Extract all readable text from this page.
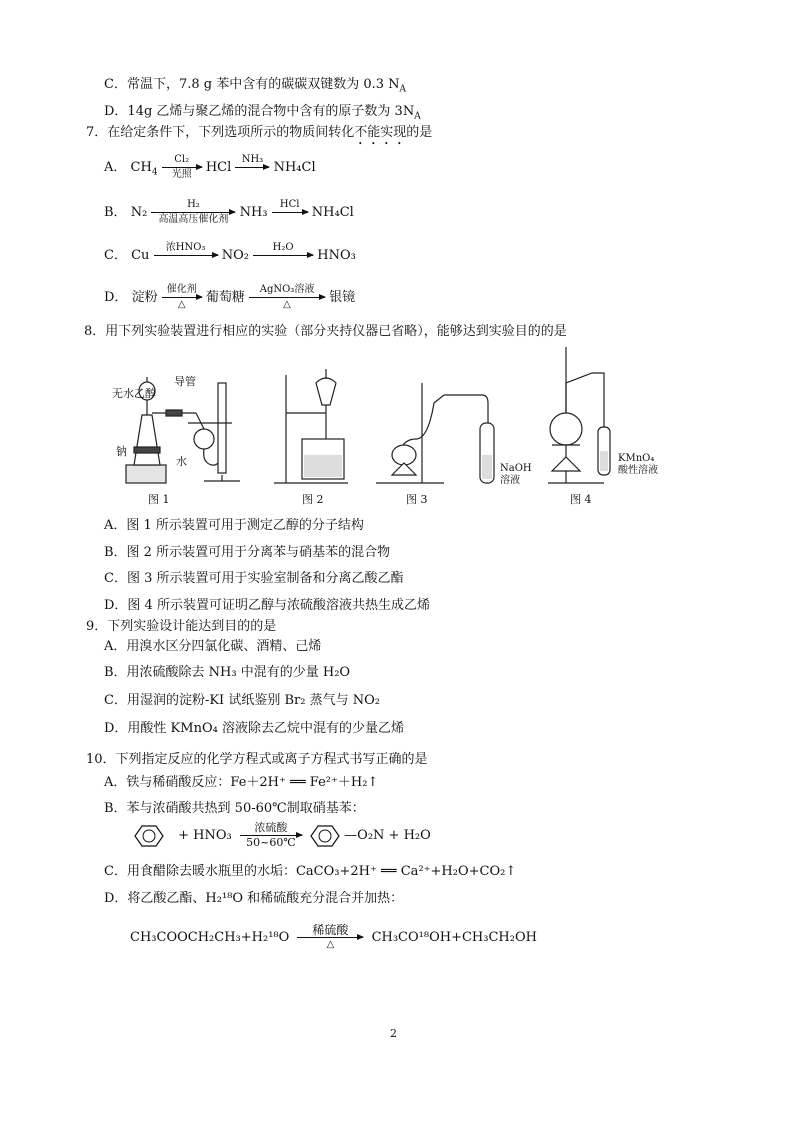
C．常温下，7.8 g 苯中含有的碳碳双键数为 0.3 $N_A$
D．14g 乙烯与聚乙烯的混合物中含有的原子数为 $3N_A$
7．在给定条件下，下列选项所示的物质间转化不能实现的是
A． $CH_4$
Cl₂
光照	HCl
NH₃

NH₄Cl
B． N₂
H₂
高温高压催化剂 NH₃
HCl

NH₄Cl
C． Cu
浓HNO₃

NO₂
H₂O

HNO₃
D． 淀粉
催化剂
△	葡萄糖
AgNO₃溶液
△	银镜
8．用下列实验装置进行相应的实验（部分夹持仪器已省略），能够达到实验目的的是
无水乙醇
导管
钠
水
图 1	图 2	图 3
NaOH
溶液
图 4
KMnO₄
酸性溶液
A．图 1 所示装置可用于测定乙醇的分子结构
B．图 2 所示装置可用于分离苯与硝基苯的混合物
C．图 3 所示装置可用于实验室制备和分离乙酸乙酯
D．图 4 所示装置可证明乙醇与浓硫酸溶液共热生成乙烯
9．下列实验设计能达到目的的是
A．用溴水区分四氯化碳、酒精、己烯
B．用浓硫酸除去 NH₃ 中混有的少量 H₂O
C．用湿润的淀粉-KI 试纸鉴别 Br₂ 蒸气与 NO₂
D．用酸性 KMnO₄ 溶液除去乙烷中混有的少量乙烯
10．下列指定反应的化学方程式或离子方程式书写正确的是
A．铁与稀硝酸反应：Fe＋2H⁺ ══ Fe²⁺＋H₂↑
B．苯与浓硝酸共热到 50-60℃制取硝基苯：
+ HNO₃
浓硫酸
50~60℃	—O₂N + H₂O
C．用食醋除去暖水瓶里的水垢：CaCO₃+2H⁺ ══ Ca²⁺+H₂O+CO₂↑
D．将乙酸乙酯、H₂¹⁸O 和稀硫酸充分混合并加热：
CH₃COOCH₂CH₃+H₂¹⁸O	稀硫酸
△	CH₃CO¹⁸OH+CH₃CH₂OH
2
